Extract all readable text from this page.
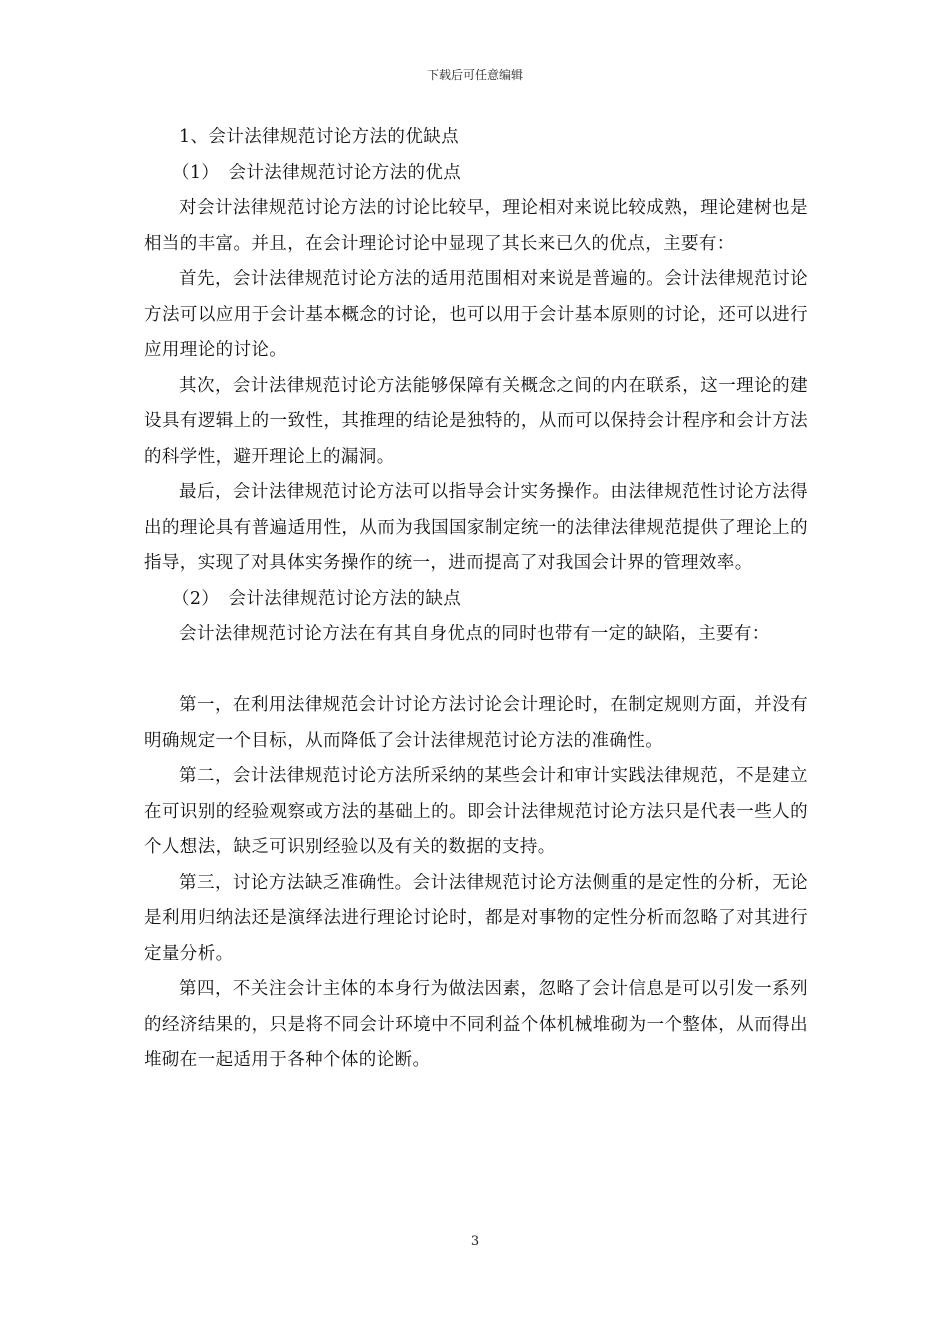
下载后可任意编辑

1、会计法律规范讨论方法的优缺点

（1）　会计法律规范讨论方法的优点

对会计法律规范讨论方法的讨论比较早，理论相对来说比较成熟，理论建树也是相当的丰富。并且，在会计理论讨论中显现了其长来已久的优点，主要有：

首先，会计法律规范讨论方法的适用范围相对来说是普遍的。会计法律规范讨论方法可以应用于会计基本概念的讨论，也可以用于会计基本原则的讨论，还可以进行应用理论的讨论。

其次，会计法律规范讨论方法能够保障有关概念之间的内在联系，这一理论的建设具有逻辑上的一致性，其推理的结论是独特的，从而可以保持会计程序和会计方法的科学性，避开理论上的漏洞。

最后，会计法律规范讨论方法可以指导会计实务操作。由法律规范性讨论方法得出的理论具有普遍适用性，从而为我国国家制定统一的法律法律规范提供了理论上的指导，实现了对具体实务操作的统一，进而提高了对我国会计界的管理效率。

（2）　会计法律规范讨论方法的缺点

会计法律规范讨论方法在有其自身优点的同时也带有一定的缺陷，主要有：

第一，在利用法律规范会计讨论方法讨论会计理论时，在制定规则方面，并没有明确规定一个目标，从而降低了会计法律规范讨论方法的准确性。

第二，会计法律规范讨论方法所采纳的某些会计和审计实践法律规范，不是建立在可识别的经验观察或方法的基础上的。即会计法律规范讨论方法只是代表一些人的个人想法，缺乏可识别经验以及有关的数据的支持。

第三，讨论方法缺乏准确性。会计法律规范讨论方法侧重的是定性的分析，无论是利用归纳法还是演绎法进行理论讨论时，都是对事物的定性分析而忽略了对其进行定量分析。

第四，不关注会计主体的本身行为做法因素，忽略了会计信息是可以引发一系列的经济结果的，只是将不同会计环境中不同利益个体机械堆砌为一个整体，从而得出堆砌在一起适用于各种个体的论断。

3
